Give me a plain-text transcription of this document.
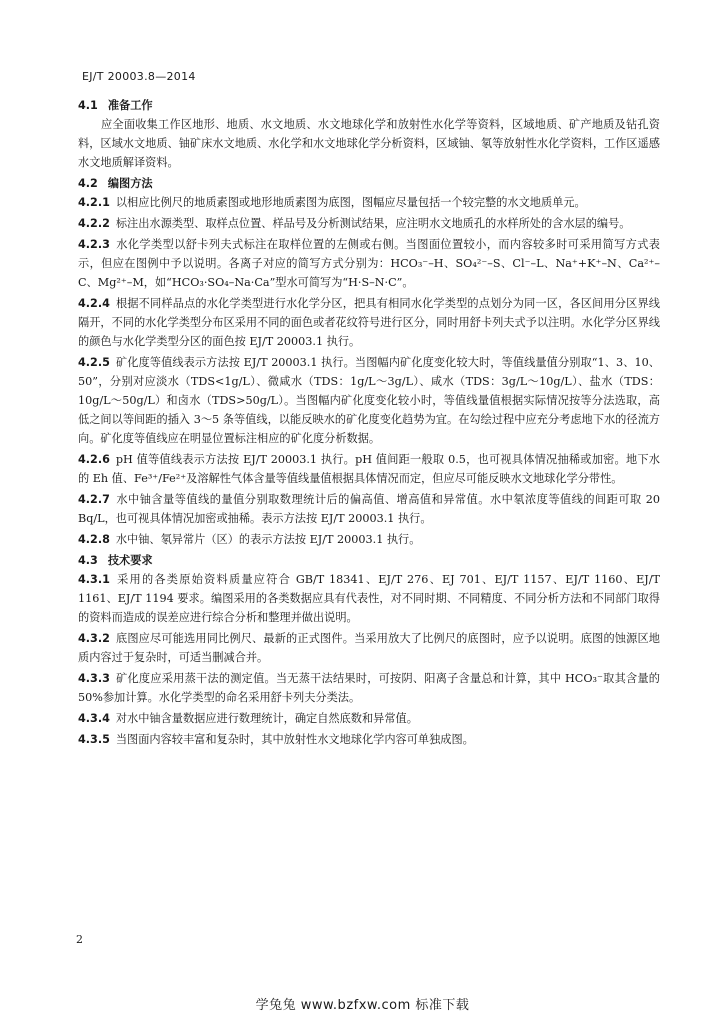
EJ/T 20003.8—2014
4.1 准备工作
应全面收集工作区地形、地质、水文地质、水文地球化学和放射性水化学等资料，区域地质、矿产地质及钻孔资料，区域水文地质、铀矿床水文地质、水化学和水文地球化学分析资料，区域铀、氡等放射性水化学资料，工作区遥感水文地质解译资料。
4.2 编图方法
4.2.1 以相应比例尺的地质素图或地形地质素图为底图，图幅应尽量包括一个较完整的水文地质单元。
4.2.2 标注出水源类型、取样点位置、样品号及分析测试结果，应注明水文地质孔的水样所处的含水层的编号。
4.2.3 水化学类型以舒卡列夫式标注在取样位置的左侧或右侧。当图面位置较小，而内容较多时可采用简写方式表示，但应在图例中予以说明。各离子对应的简写方式分别为：HCO₃⁻–H、SO₄²⁻–S、Cl⁻–L、Na⁺+K⁺–N、Ca²⁺–C、Mg²⁺–M，如“HCO₃·SO₄–Na·Ca”型水可简写为“H·S–N·C”。
4.2.4 根据不同样品点的水化学类型进行水化学分区，把具有相同水化学类型的点划分为同一区，各区间用分区界线隔开，不同的水化学类型分布区采用不同的面色或者花纹符号进行区分，同时用舒卡列夫式予以注明。水化学分区界线的颜色与水化学类型分区的面色按 EJ/T 20003.1 执行。
4.2.5 矿化度等值线表示方法按 EJ/T 20003.1 执行。当图幅内矿化度变化较大时，等值线量值分别取“1、3、10、50”，分别对应淡水（TDS<1g/L）、微咸水（TDS：1g/L～3g/L）、咸水（TDS：3g/L～10g/L）、盐水（TDS：10g/L～50g/L）和卤水（TDS>50g/L）。当图幅内矿化度变化较小时，等值线量值根据实际情况按等分法选取，高低之间以等间距的插入 3～5 条等值线，以能反映水的矿化度变化趋势为宜。在勾绘过程中应充分考虑地下水的径流方向。矿化度等值线应在明显位置标注相应的矿化度分析数据。
4.2.6 pH 值等值线表示方法按 EJ/T 20003.1 执行。pH 值间距一般取 0.5，也可视具体情况抽稀或加密。地下水的 Eh 值、Fe³⁺/Fe²⁺及溶解性气体含量等值线量值根据具体情况而定，但应尽可能反映水文地球化学分带性。
4.2.7 水中铀含量等值线的量值分别取数理统计后的偏高值、增高值和异常值。水中氡浓度等值线的间距可取 20 Bq/L，也可视具体情况加密或抽稀。表示方法按 EJ/T 20003.1 执行。
4.2.8 水中铀、氡异常片（区）的表示方法按 EJ/T 20003.1 执行。
4.3 技术要求
4.3.1 采用的各类原始资料质量应符合 GB/T 18341、EJ/T 276、EJ 701、EJ/T 1157、EJ/T 1160、EJ/T 1161、EJ/T 1194 要求。编图采用的各类数据应具有代表性，对不同时期、不同精度、不同分析方法和不同部门取得的资料而造成的误差应进行综合分析和整理并做出说明。
4.3.2 底图应尽可能选用同比例尺、最新的正式图件。当采用放大了比例尺的底图时，应予以说明。底图的蚀源区地质内容过于复杂时，可适当删减合并。
4.3.3 矿化度应采用蒸干法的测定值。当无蒸干法结果时，可按阴、阳离子含量总和计算，其中 HCO₃⁻取其含量的 50%参加计算。水化学类型的命名采用舒卡列夫分类法。
4.3.4 对水中铀含量数据应进行数理统计，确定自然底数和异常值。
4.3.5 当图面内容较丰富和复杂时，其中放射性水文地球化学内容可单独成图。
2
学兔兔 www.bzfxw.com 标准下载
